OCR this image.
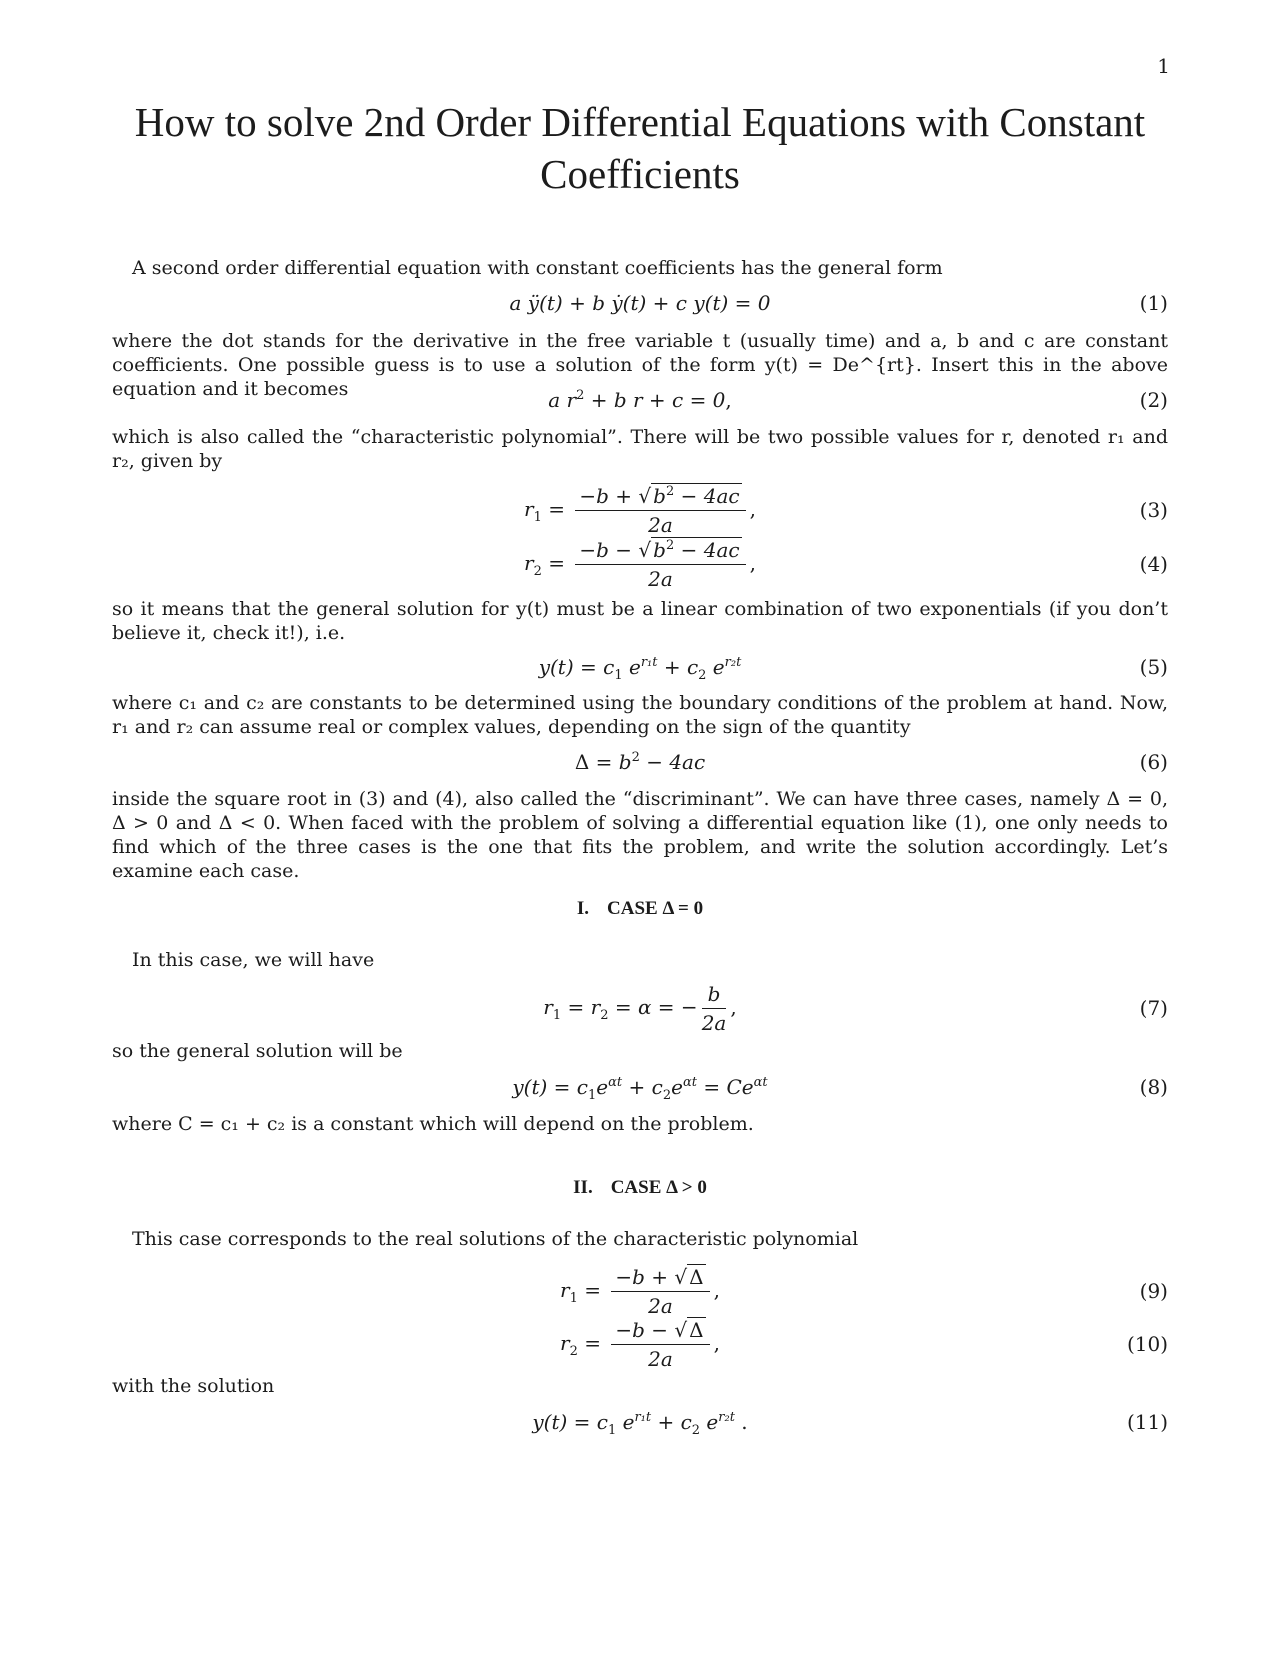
1
How to solve 2nd Order Differential Equations with Constant Coefficients

A second order differential equation with constant coefficients has the general form

a ÿ(t) + b ẏ(t) + c y(t) = 0	(1)

where the dot stands for the derivative in the free variable t (usually time) and a, b and c are constant coefficients. One possible guess is to use a solution of the form y(t) = De^{rt}. Insert this in the above equation and it becomes	a $r^2 + b$ r + c = 0,	(2)

which is also called the “characteristic polynomial”. There will be two possible values for r, denoted r₁ and r₂, given by

$r_1 = \frac{-b + √ b^2 - 4ac}{2a}$ ,	(3)
$r_2 = \frac{-b - √ b^2 - 4ac}{2a}$ ,	(4)

so it means that the general solution for y(t) must be a linear combination of two exponentials (if you don’t believe it, check it!), i.e.

$y(t) = c_1$ $e^{r_1t} + c_2$ $e^{r_2t}$	(5)

where c₁ and c₂ are constants to be determined using the boundary conditions of the problem at hand. Now, r₁ and r₂ can assume real or complex values, depending on the sign of the quantity

$\Delta = b^2 - 4ac$	(6)

inside the square root in (3) and (4), also called the “discriminant”. We can have three cases, namely Δ = 0, Δ > 0 and Δ < 0. When faced with the problem of solving a differential equation like (1), one only needs to find which of the three cases is the one that fits the problem, and write the solution accordingly. Let’s examine each case.

I. CASE Δ = 0

In this case, we will have

$r_1 = r_2 = \alpha$ = − $\frac{b}{2a}$ ,	(7)

so the general solution will be

$y(t) = c_1e^{\alpha t} + c_2e^{\alpha t} = Ce^{\alpha t}$	(8)

where C = c₁ + c₂ is a constant which will depend on the problem.

II. CASE Δ > 0

This case corresponds to the real solutions of the characteristic polynomial

$r_1 = \frac{-b + √ \Delta}{2a}$ ,	(9)
$r_2 = \frac{-b - √ \Delta}{2a}$ ,	(10)

with the solution

$y(t) = c_1$ $e^{r_1t} + c_2$ $e^{r_2t}$ .	(11)
